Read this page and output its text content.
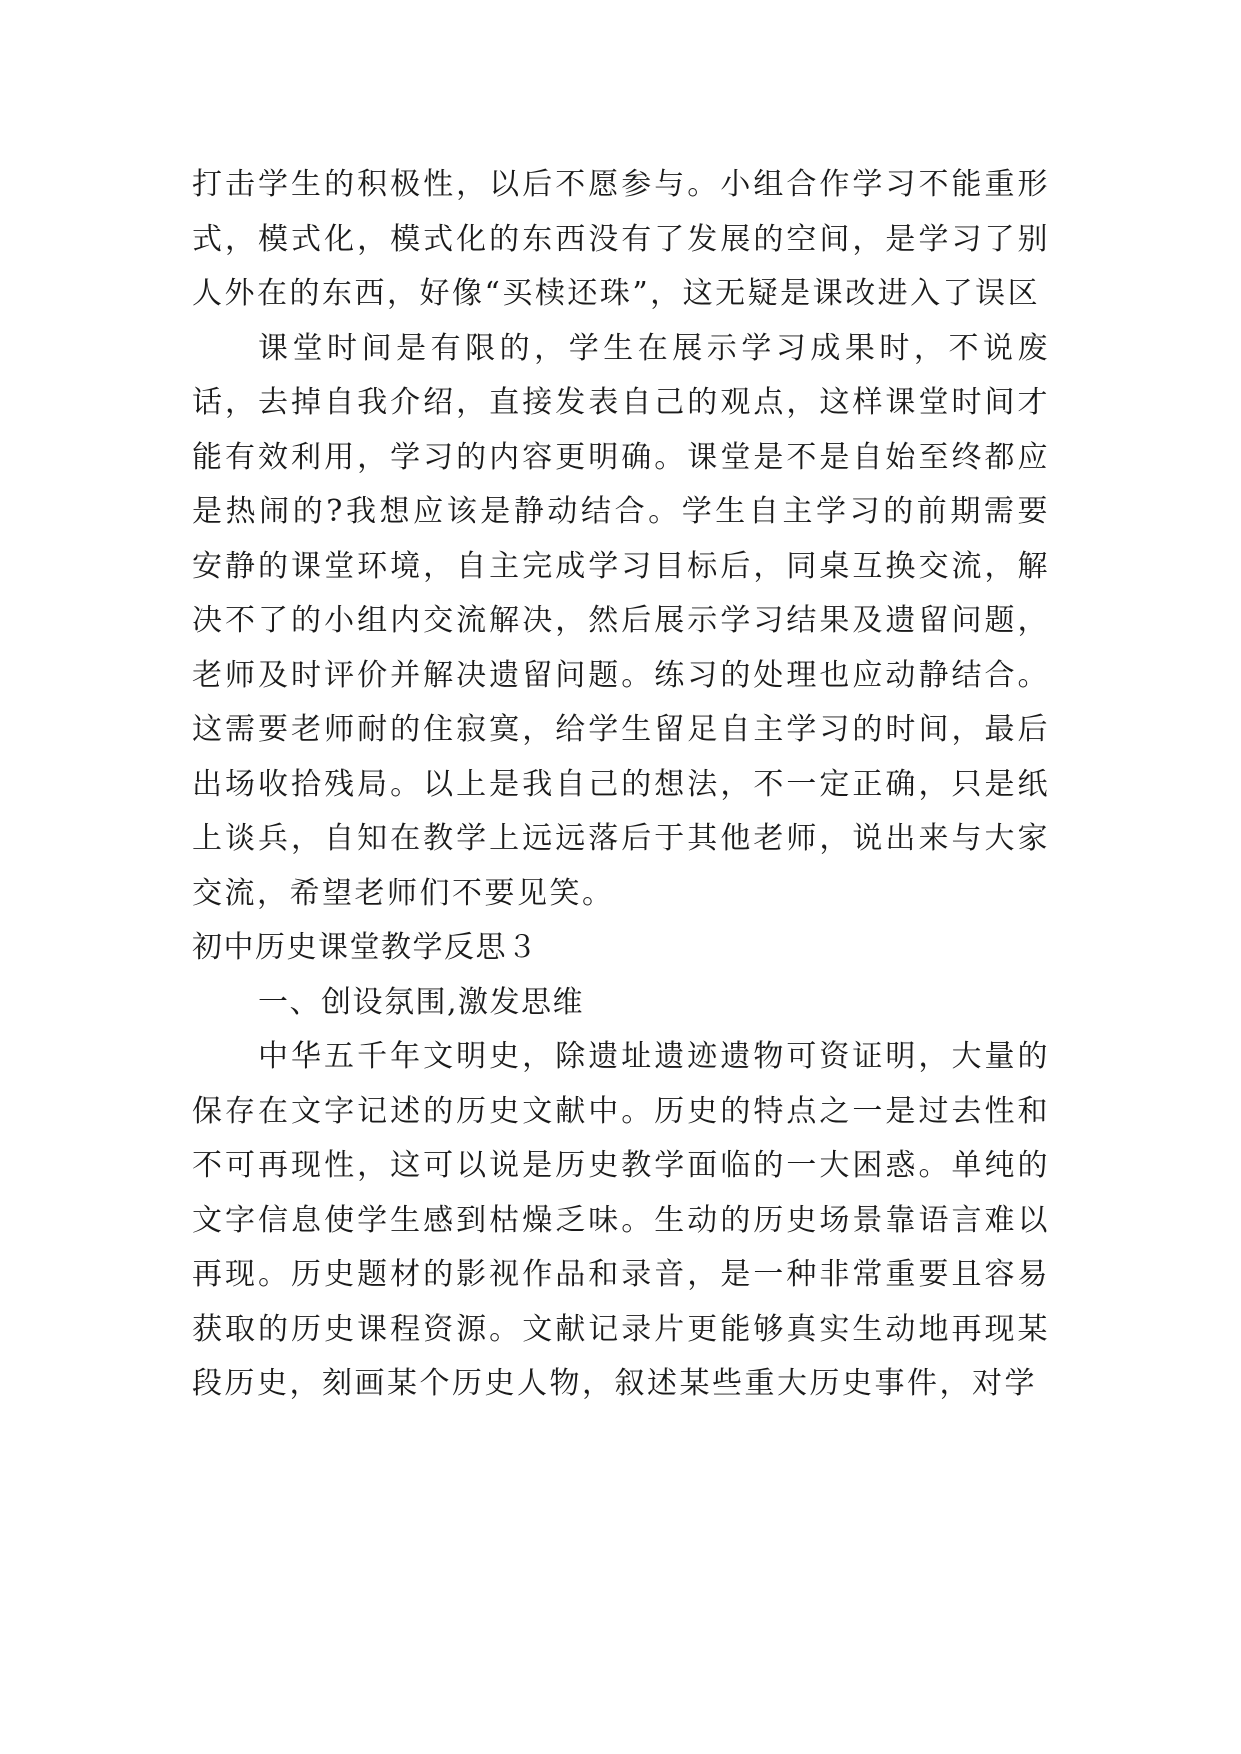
打击学生的积极性，以后不愿参与。小组合作学习不能重形式，模式化，模式化的东西没有了发展的空间，是学习了别人外在的东西，好像“买椟还珠”，这无疑是课改进入了误区

课堂时间是有限的，学生在展示学习成果时，不说废话，去掉自我介绍，直接发表自己的观点，这样课堂时间才能有效利用，学习的内容更明确。课堂是不是自始至终都应是热闹的?我想应该是静动结合。学生自主学习的前期需要安静的课堂环境，自主完成学习目标后，同桌互换交流，解决不了的小组内交流解决，然后展示学习结果及遗留问题，老师及时评价并解决遗留问题。练习的处理也应动静结合。这需要老师耐的住寂寞，给学生留足自主学习的时间，最后出场收拾残局。以上是我自己的想法，不一定正确，只是纸上谈兵，自知在教学上远远落后于其他老师，说出来与大家交流，希望老师们不要见笑。

初中历史课堂教学反思３
一、创设氛围,激发思维

中华五千年文明史，除遗址遗迹遗物可资证明，大量的保存在文字记述的历史文献中。历史的特点之一是过去性和不可再现性，这可以说是历史教学面临的一大困惑。单纯的文字信息使学生感到枯燥乏味。生动的历史场景靠语言难以再现。历史题材的影视作品和录音，是一种非常重要且容易获取的历史课程资源。文献记录片更能够真实生动地再现某段历史，刻画某个历史人物，叙述某些重大历史事件，对学
